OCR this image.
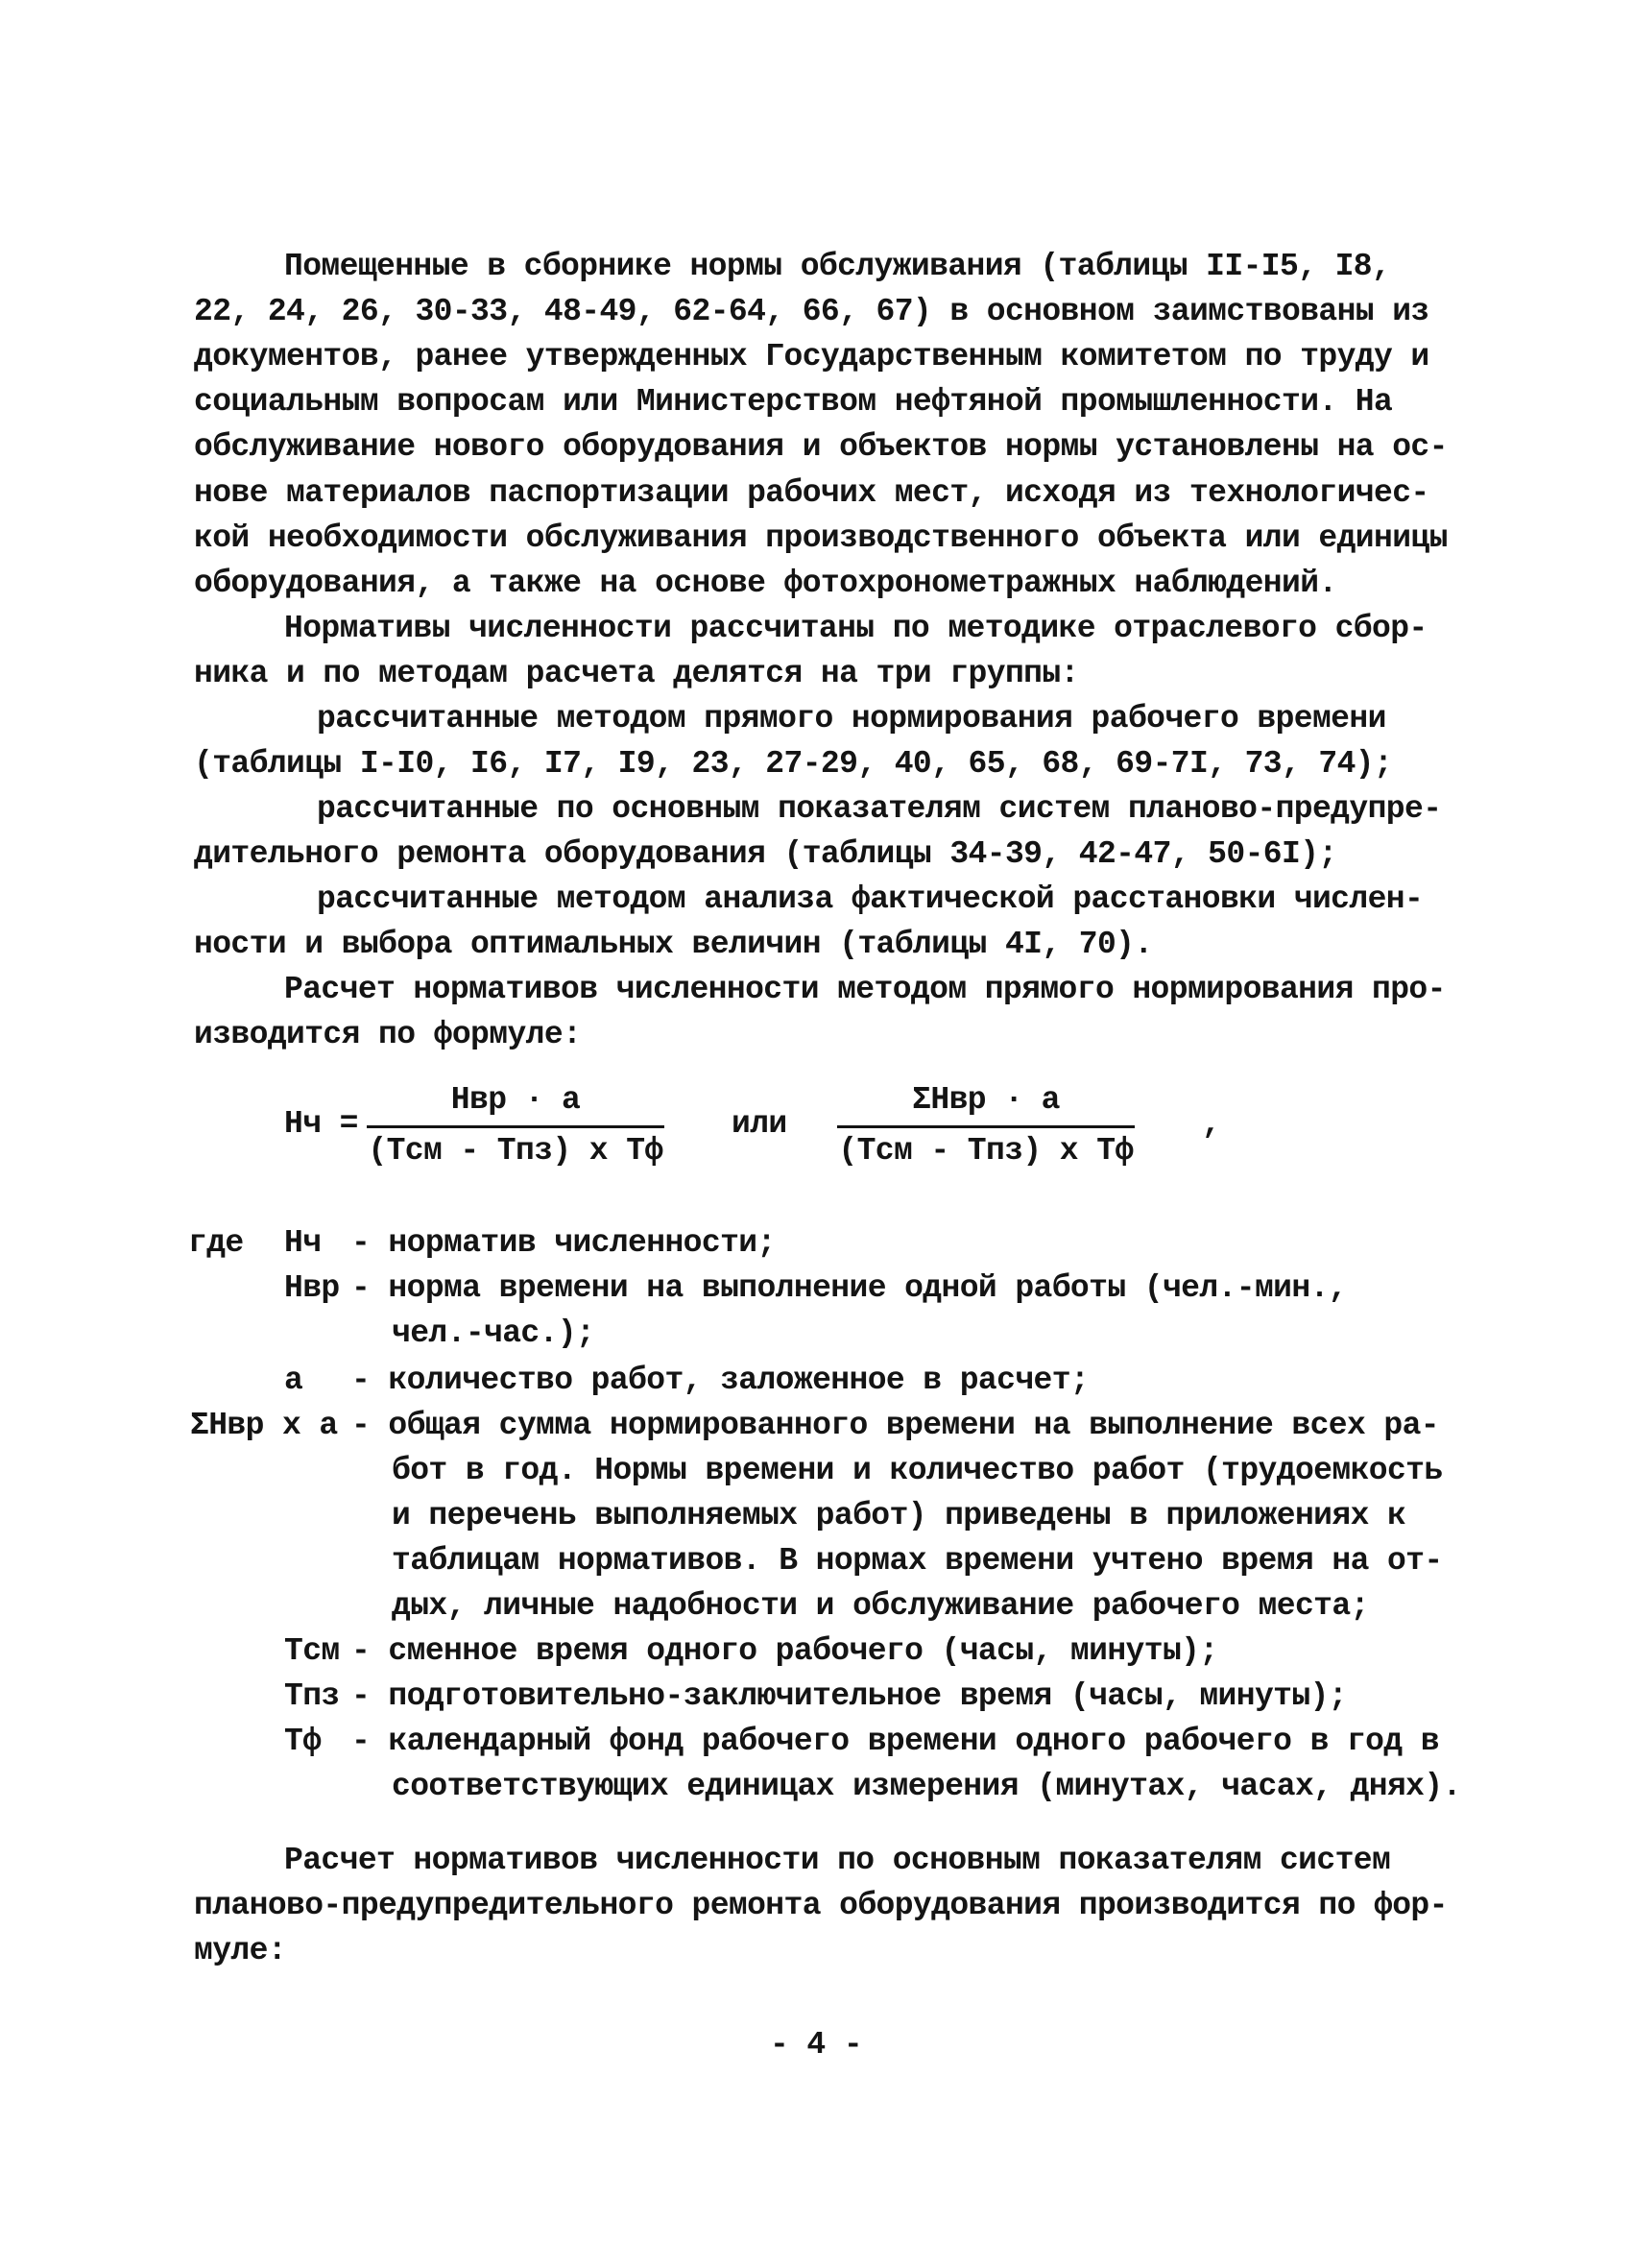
Помещенные в сборнике нормы обслуживания (таблицы II-I5, I8,
22, 24, 26, 30-33, 48-49, 62-64, 66, 67) в основном заимствованы из
документов, ранее утвержденных Государственным комитетом по труду и
социальным вопросам или Министерством нефтяной промышленности. На
обслуживание нового оборудования и объектов нормы установлены на ос-
нове материалов паспортизации рабочих мест, исходя из технологичес-
кой необходимости обслуживания производственного объекта или единицы
оборудования, а также на основе фотохронометражных наблюдений.
Нормативы численности рассчитаны по методике отраслевого сбор-
ника и по методам расчета делятся на три группы:
рассчитанные методом прямого нормирования рабочего времени
(таблицы I-I0, I6, I7, I9, 23, 27-29, 40, 65, 68, 69-7I, 73, 74);
рассчитанные по основным показателям систем планово-предупре-
дительного ремонта оборудования (таблицы 34-39, 42-47, 50-6I);
рассчитанные методом анализа фактической расстановки числен-
ности и выбора оптимальных величин (таблицы 4I, 70).
Расчет нормативов численности методом прямого нормирования про-
изводится по формуле:
Нч =
Нвр · а
(Тсм - Тпз) х Тф
или
ΣНвр · а
(Тсм - Тпз) х Тф
,
где Нч - норматив численности;
Нвр - норма времени на выполнение одной работы (чел.-мин.,
чел.-час.);
а - количество работ, заложенное в расчет;
ΣНвр х а - общая сумма нормированного времени на выполнение всех ра-
бот в год. Нормы времени и количество работ (трудоемкость
и перечень выполняемых работ) приведены в приложениях к
таблицам нормативов. В нормах времени учтено время на от-
дых, личные надобности и обслуживание рабочего места;
Тсм - сменное время одного рабочего (часы, минуты);
Тпз - подготовительно-заключительное время (часы, минуты);
Тф - календарный фонд рабочего времени одного рабочего в год в
соответствующих единицах измерения (минутах, часах, днях).
Расчет нормативов численности по основным показателям систем
планово-предупредительного ремонта оборудования производится по фор-
муле:
- 4 -
